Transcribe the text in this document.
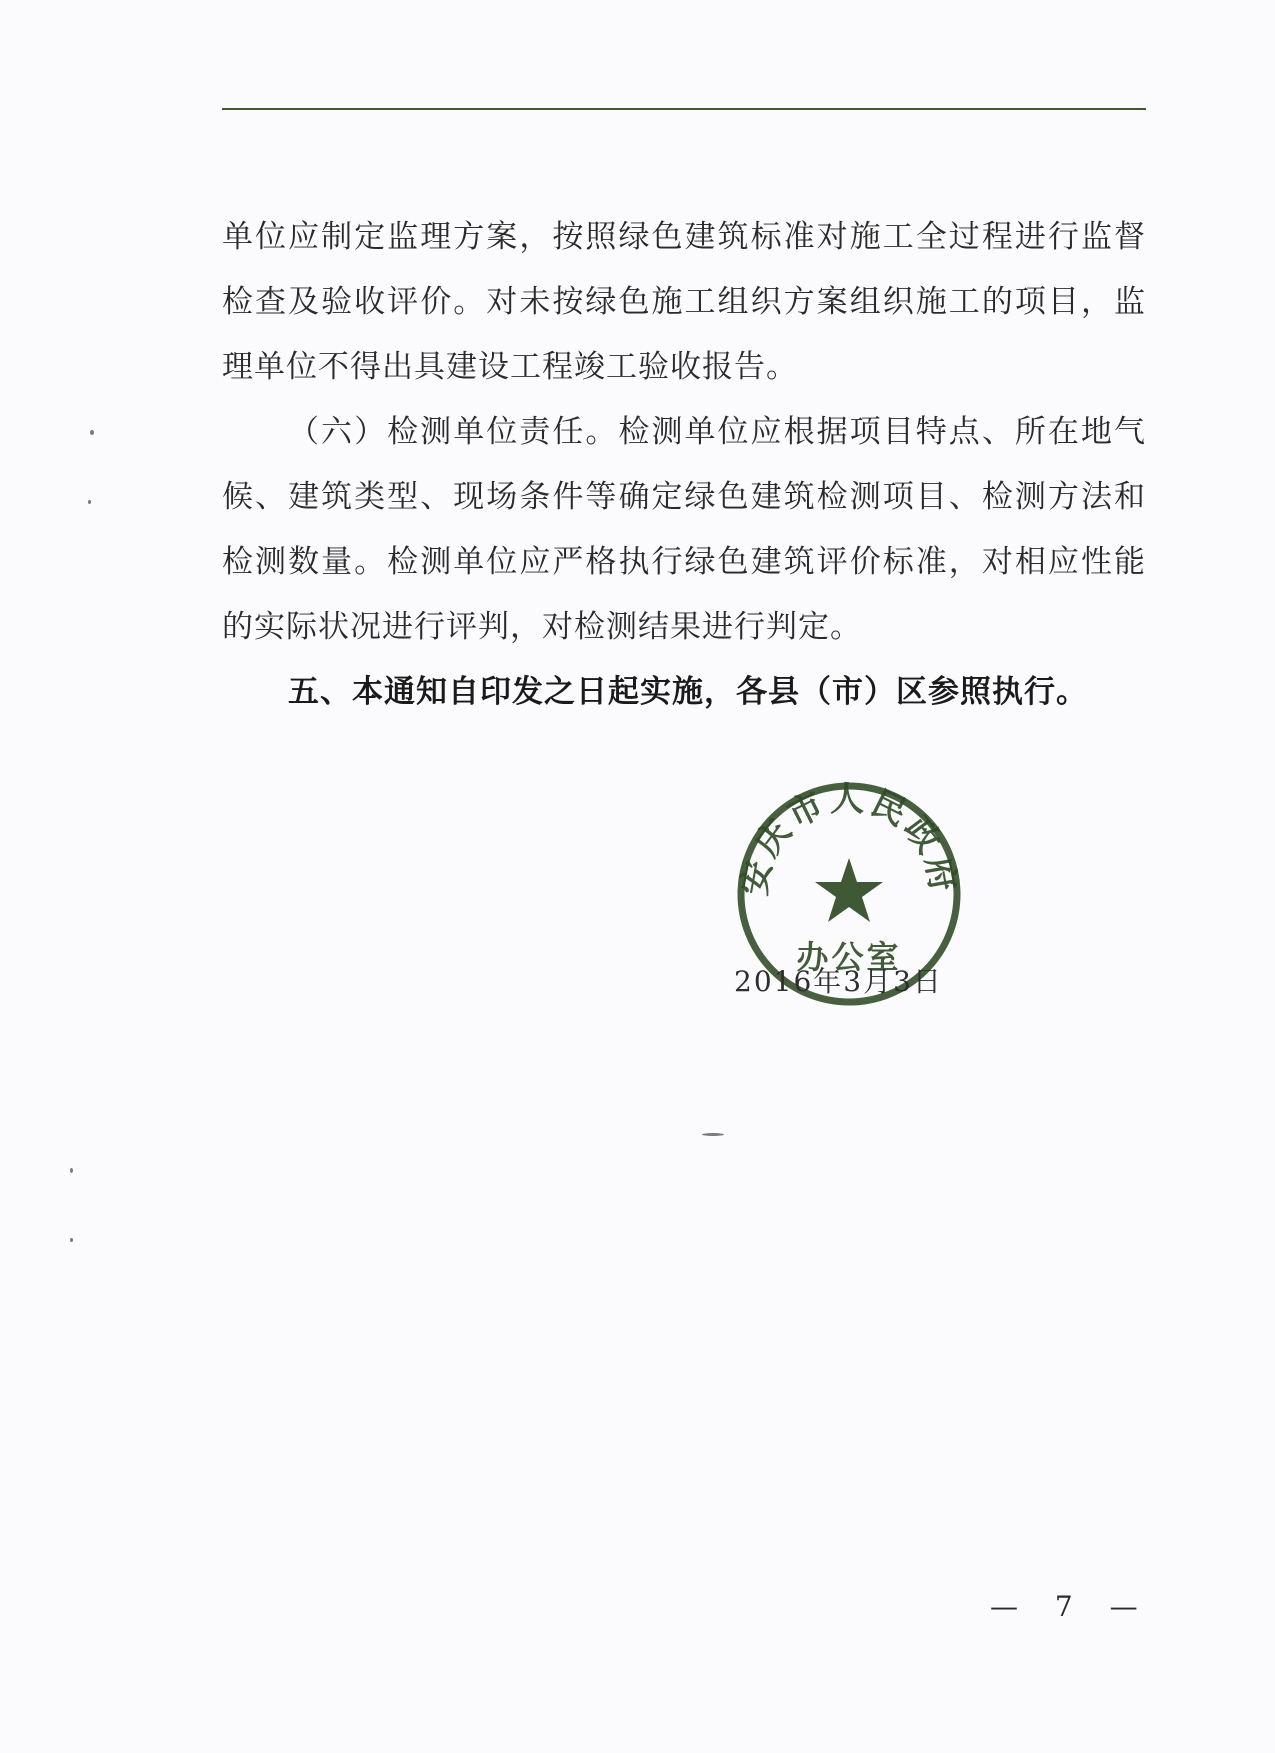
单位应制定监理方案，按照绿色建筑标准对施工全过程进行监督
检查及验收评价。对未按绿色施工组织方案组织施工的项目，监
理单位不得出具建设工程竣工验收报告。
（六）检测单位责任。检测单位应根据项目特点、所在地气
候、建筑类型、现场条件等确定绿色建筑检测项目、检测方法和
检测数量。检测单位应严格执行绿色建筑评价标准，对相应性能
的实际状况进行评判，对检测结果进行判定。
五、本通知自印发之日起实施，各县（市）区参照执行。
安庆市人民政府
办公室
2016年3月3日
— 7 —
